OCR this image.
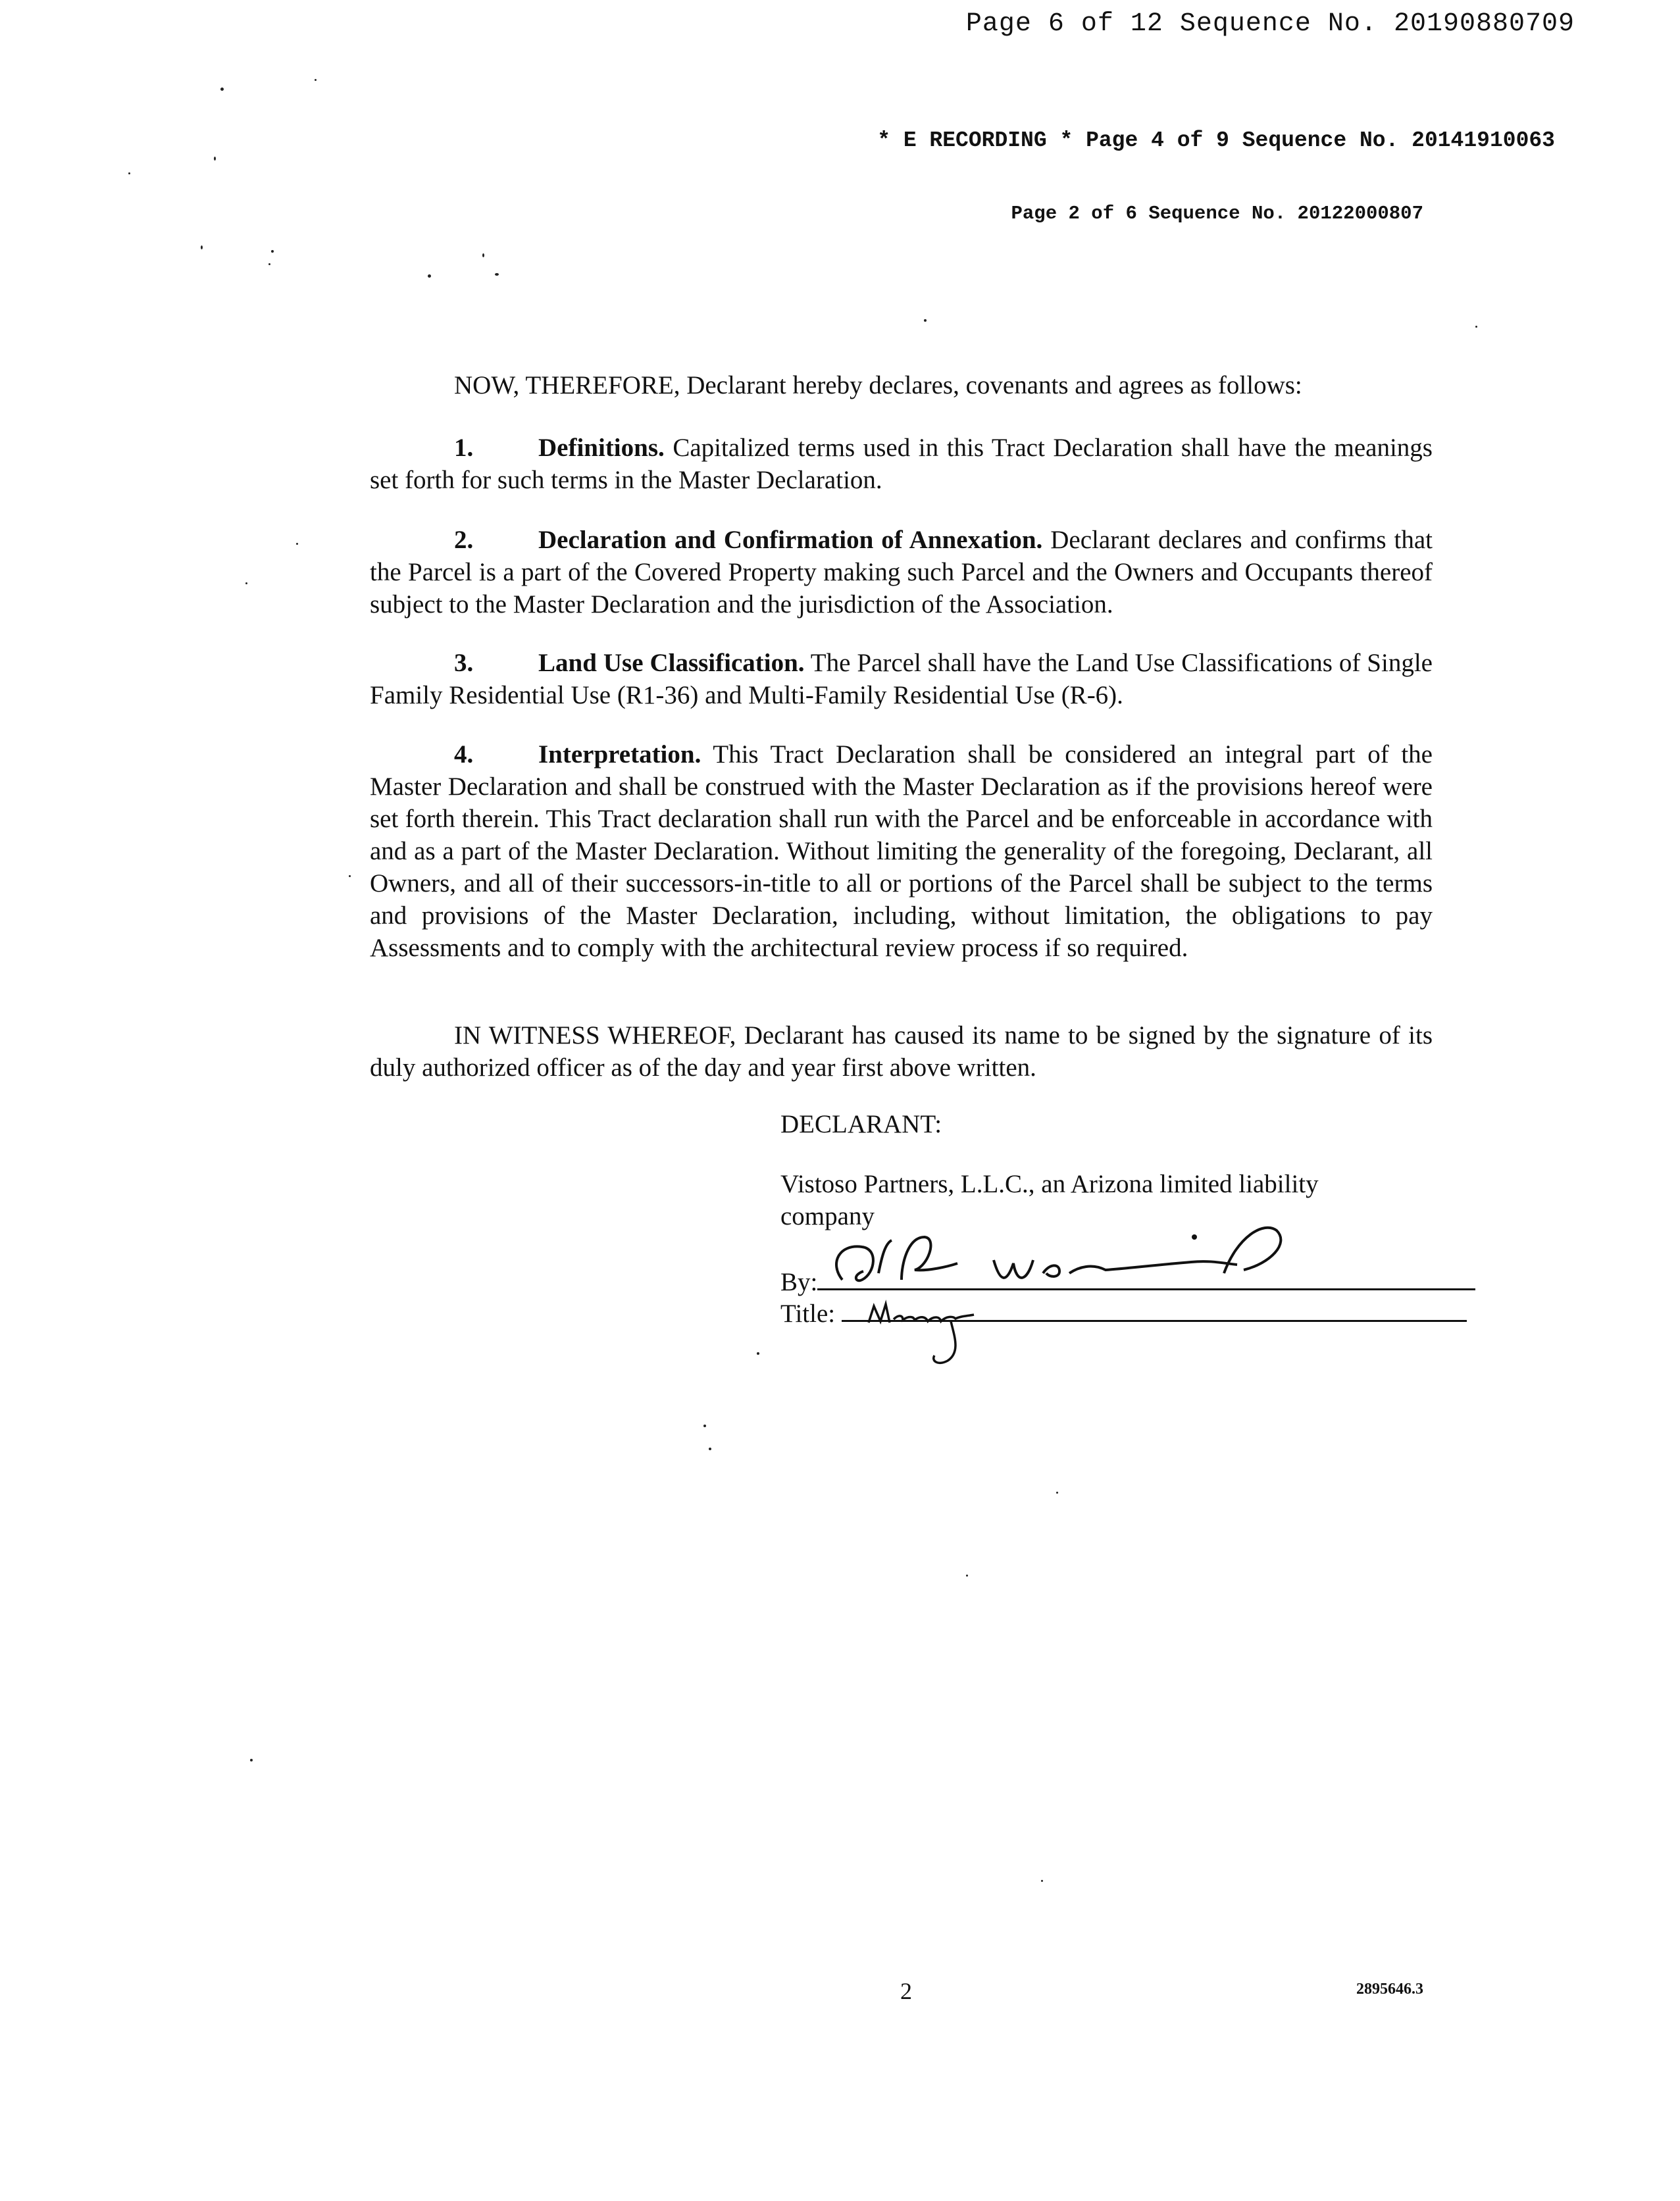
Page 6 of 12 Sequence No. 20190880709
* E RECORDING * Page 4 of 9 Sequence No. 20141910063
Page 2 of 6 Sequence No. 20122000807

NOW, THEREFORE, Declarant hereby declares, covenants and agrees as follows:

1.	Definitions. Capitalized terms used in this Tract Declaration shall have the meanings set forth for such terms in the Master Declaration.

2.	Declaration and Confirmation of Annexation. Declarant declares and confirms that the Parcel is a part of the Covered Property making such Parcel and the Owners and Occupants thereof subject to the Master Declaration and the jurisdiction of the Association.

3.	Land Use Classification. The Parcel shall have the Land Use Classifications of Single Family Residential Use (R1-36) and Multi-Family Residential Use (R-6).

4.	Interpretation. This Tract Declaration shall be considered an integral part of the Master Declaration and shall be construed with the Master Declaration as if the provisions hereof were set forth therein. This Tract declaration shall run with the Parcel and be enforceable in accordance with and as a part of the Master Declaration. Without limiting the generality of the foregoing, Declarant, all Owners, and all of their successors-in-title to all or portions of the Parcel shall be subject to the terms and provisions of the Master Declaration, including, without limitation, the obligations to pay Assessments and to comply with the architectural review process if so required.

IN WITNESS WHEREOF, Declarant has caused its name to be signed by the signature of its duly authorized officer as of the day and year first above written.

DECLARANT:
Vistoso Partners, L.L.C., an Arizona limited liability company
By:
Title:
2	2895646.3
